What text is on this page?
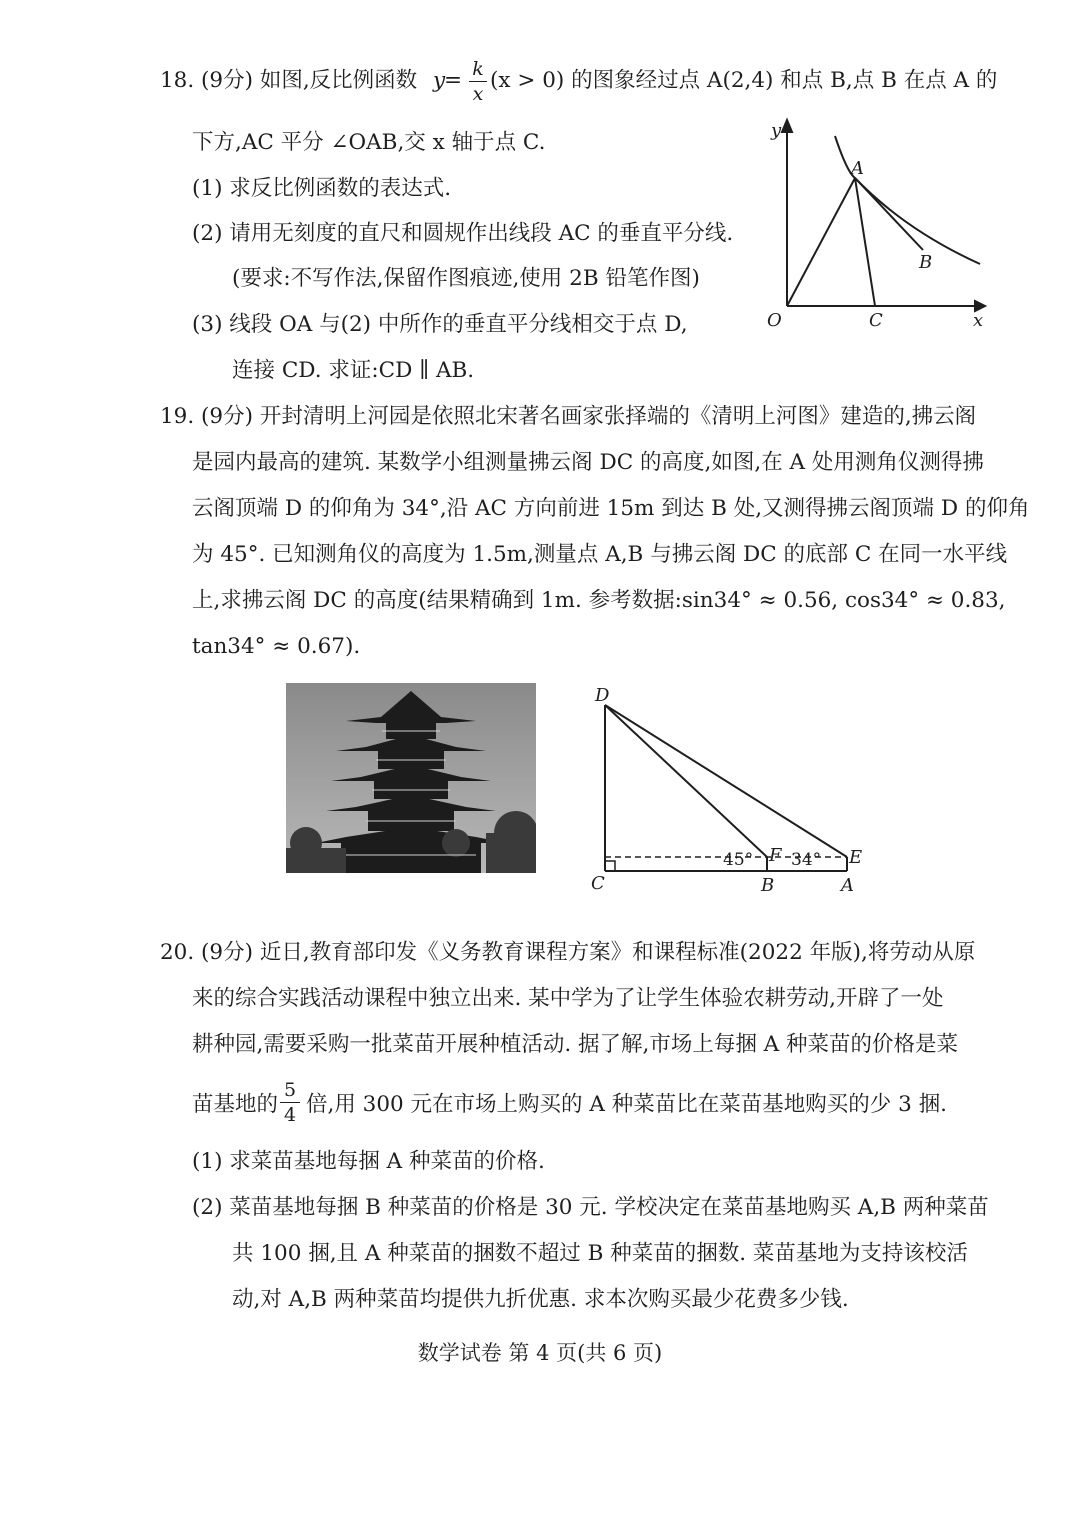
18. (9分) 如图,反比例函数 y
= k
x
(x > 0) 的图象经过点 A(2,4) 和点 B,点 B 在点 A 的
下方,AC 平分 ∠OAB,交 x 轴于点 C.
(1) 求反比例函数的表达式.
(2) 请用无刻度的直尺和圆规作出线段 AC 的垂直平分线.
(要求:不写作法,保留作图痕迹,使用 2B 铅笔作图)
(3) 线段 OA 与(2) 中所作的垂直平分线相交于点 D,
连接 CD. 求证:CD ∥ AB.
y
x
O
A
B
C
19. (9分) 开封清明上河园是依照北宋著名画家张择端的《清明上河图》建造的,拂云阁
是园内最高的建筑. 某数学小组测量拂云阁 DC 的高度,如图,在 A 处用测角仪测得拂
云阁顶端 D 的仰角为 34°,沿 AC 方向前进 15m 到达 B 处,又测得拂云阁顶端 D 的仰角
为 45°. 已知测角仪的高度为 1.5m,测量点 A,B 与拂云阁 DC 的底部 C 在同一水平线
上,求拂云阁 DC 的高度(结果精确到 1m. 参考数据:sin34° ≈ 0.56, cos34° ≈ 0.83,
tan34° ≈ 0.67).
D
C	B	A
F	E
45° 34°
20. (9分) 近日,教育部印发《义务教育课程方案》和课程标准(2022 年版),将劳动从原
来的综合实践活动课程中独立出来. 某中学为了让学生体验农耕劳动,开辟了一处
耕种园,需要采购一批菜苗开展种植活动. 据了解,市场上每捆 A 种菜苗的价格是菜
苗基地的
5
4 倍,用 300 元在市场上购买的 A 种菜苗比在菜苗基地购买的少 3 捆.
(1) 求菜苗基地每捆 A 种菜苗的价格.
(2) 菜苗基地每捆 B 种菜苗的价格是 30 元. 学校决定在菜苗基地购买 A,B 两种菜苗
共 100 捆,且 A 种菜苗的捆数不超过 B 种菜苗的捆数. 菜苗基地为支持该校活
动,对 A,B 两种菜苗均提供九折优惠. 求本次购买最少花费多少钱.
数学试卷 第 4 页(共 6 页)
